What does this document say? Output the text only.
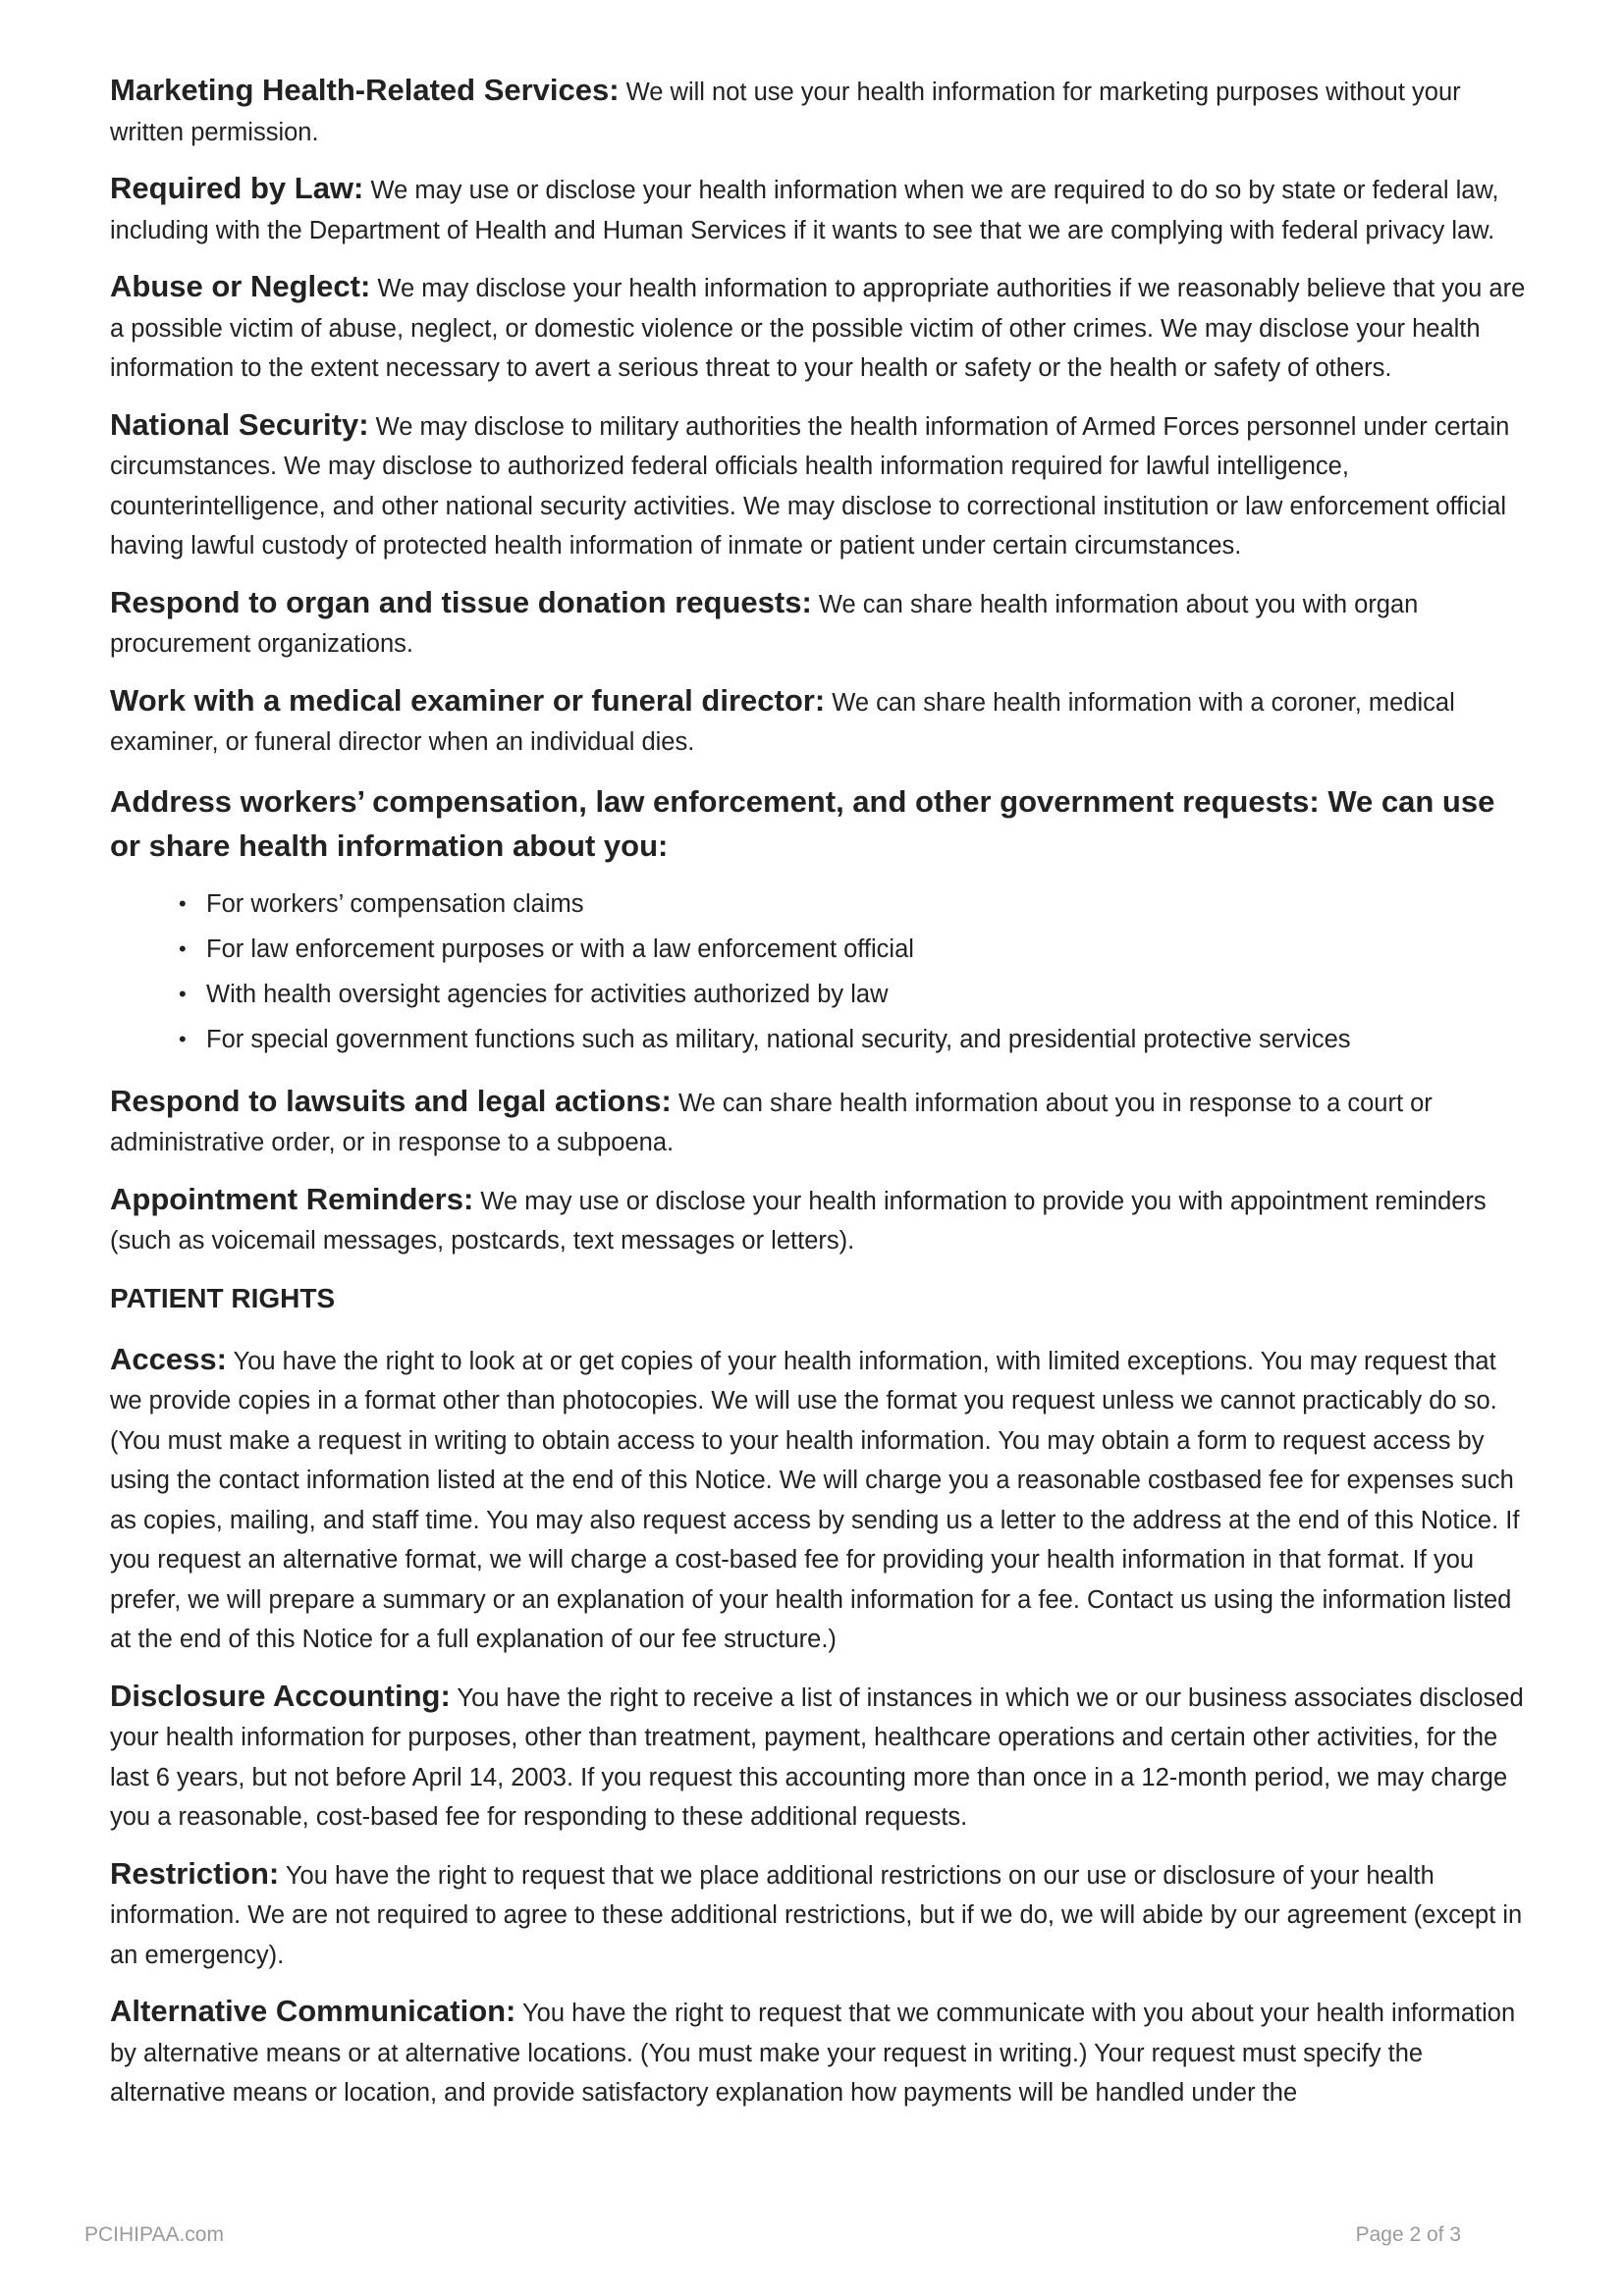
Marketing Health-Related Services: We will not use your health information for marketing purposes without your written permission.

Required by Law: We may use or disclose your health information when we are required to do so by state or federal law, including with the Department of Health and Human Services if it wants to see that we are complying with federal privacy law.

Abuse or Neglect: We may disclose your health information to appropriate authorities if we reasonably believe that you are a possible victim of abuse, neglect, or domestic violence or the possible victim of other crimes. We may disclose your health information to the extent necessary to avert a serious threat to your health or safety or the health or safety of others.

National Security: We may disclose to military authorities the health information of Armed Forces personnel under certain circumstances. We may disclose to authorized federal officials health information required for lawful intelligence, counterintelligence, and other national security activities. We may disclose to correctional institution or law enforcement official having lawful custody of protected health information of inmate or patient under certain circumstances.

Respond to organ and tissue donation requests: We can share health information about you with organ procurement organizations.

Work with a medical examiner or funeral director: We can share health information with a coroner, medical examiner, or funeral director when an individual dies.

Address workers’ compensation, law enforcement, and other government requests: We can use or share health information about you:
• For workers’ compensation claims
• For law enforcement purposes or with a law enforcement official
• With health oversight agencies for activities authorized by law
• For special government functions such as military, national security, and presidential protective services

Respond to lawsuits and legal actions: We can share health information about you in response to a court or administrative order, or in response to a subpoena.

Appointment Reminders: We may use or disclose your health information to provide you with appointment reminders (such as voicemail messages, postcards, text messages or letters).

PATIENT RIGHTS

Access: You have the right to look at or get copies of your health information, with limited exceptions. You may request that we provide copies in a format other than photocopies. We will use the format you request unless we cannot practicably do so. (You must make a request in writing to obtain access to your health information. You may obtain a form to request access by using the contact information listed at the end of this Notice. We will charge you a reasonable costbased fee for expenses such as copies, mailing, and staff time. You may also request access by sending us a letter to the address at the end of this Notice. If you request an alternative format, we will charge a cost-based fee for providing your health information in that format. If you prefer, we will prepare a summary or an explanation of your health information for a fee. Contact us using the information listed at the end of this Notice for a full explanation of our fee structure.)

Disclosure Accounting: You have the right to receive a list of instances in which we or our business associates disclosed your health information for purposes, other than treatment, payment, healthcare operations and certain other activities, for the last 6 years, but not before April 14, 2003. If you request this accounting more than once in a 12-month period, we may charge you a reasonable, cost-based fee for responding to these additional requests.

Restriction: You have the right to request that we place additional restrictions on our use or disclosure of your health information. We are not required to agree to these additional restrictions, but if we do, we will abide by our agreement (except in an emergency).

Alternative Communication: You have the right to request that we communicate with you about your health information by alternative means or at alternative locations. (You must make your request in writing.) Your request must specify the alternative means or location, and provide satisfactory explanation how payments will be handled under the

PCIHIPAA.com	Page 2 of 3
